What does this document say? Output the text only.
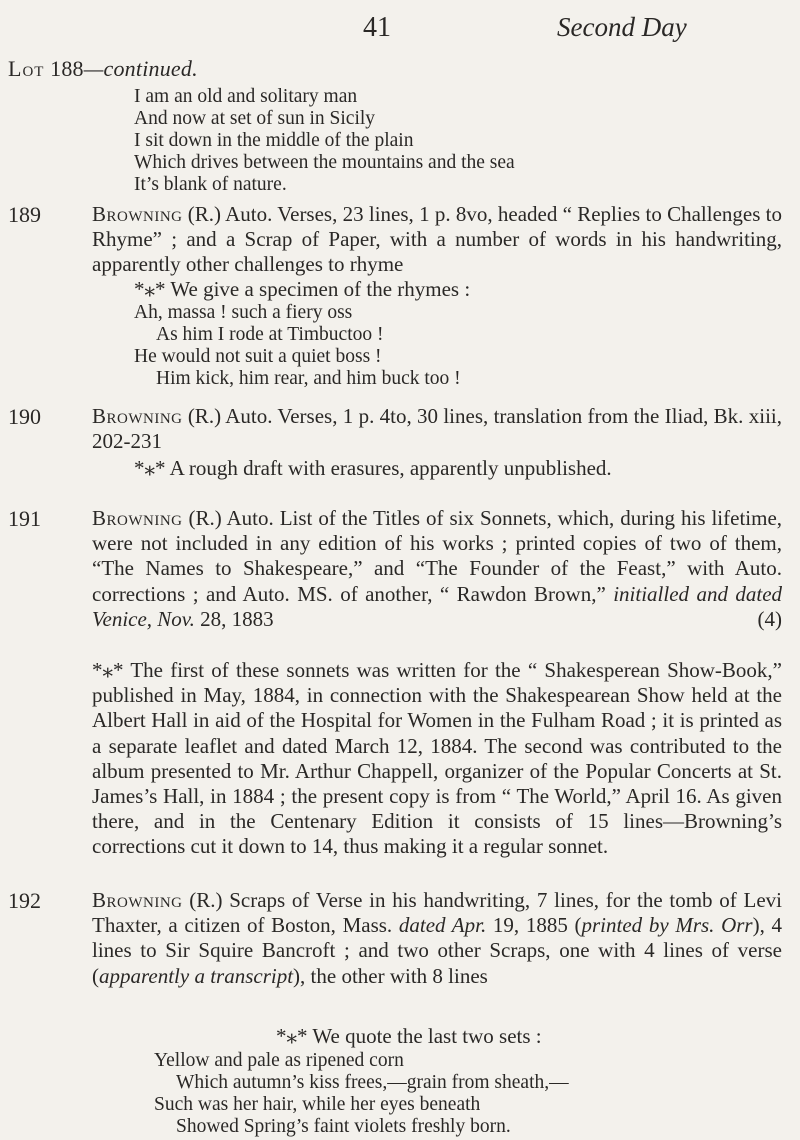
41	Second Day
Lot 188—continued.
I am an old and solitary man
And now at set of sun in Sicily
I sit down in the middle of the plain
Which drives between the mountains and the sea
It’s blank of nature.
189 Browning (R.) Auto. Verses, 23 lines, 1 p. 8vo, headed “ Replies to Challenges to Rhyme” ; and a Scrap of Paper, with a number of words in his handwriting, apparently other challenges to rhyme
*⁎* We give a specimen of the rhymes :
Ah, massa ! such a fiery oss
As him I rode at Timbuctoo !
He would not suit a quiet boss !
Him kick, him rear, and him buck too !
190 Browning (R.) Auto. Verses, 1 p. 4to, 30 lines, translation from the Iliad, Bk. xiii, 202-231
*⁎* A rough draft with erasures, apparently unpublished.
191 Browning (R.) Auto. List of the Titles of six Sonnets, which, during his lifetime, were not included in any edition of his works ; printed copies of two of them, “The Names to Shakespeare,” and “The Founder of the Feast,” with Auto. corrections ; and Auto. MS. of another, “ Rawdon Brown,” initialled and dated Venice, Nov. 28, 1883	(4)
*⁎* The first of these sonnets was written for the “ Shakesperean Show-Book,” published in May, 1884, in connection with the Shakespearean Show held at the Albert Hall in aid of the Hospital for Women in the Fulham Road ; it is printed as a separate leaflet and dated March 12, 1884. The second was contributed to the album presented to Mr. Arthur Chappell, organizer of the Popular Concerts at St. James’s Hall, in 1884 ; the present copy is from “ The World,” April 16. As given there, and in the Centenary Edition it consists of 15 lines—Browning’s corrections cut it down to 14, thus making it a regular sonnet.
192 Browning (R.) Scraps of Verse in his handwriting, 7 lines, for the tomb of Levi Thaxter, a citizen of Boston, Mass. dated Apr. 19, 1885 (printed by Mrs. Orr), 4 lines to Sir Squire Bancroft ; and two other Scraps, one with 4 lines of verse (apparently a transcript), the other with 8 lines
*⁎* We quote the last two sets :
Yellow and pale as ripened corn
Which autumn’s kiss frees,—grain from sheath,—
Such was her hair, while her eyes beneath
Showed Spring’s faint violets freshly born.
